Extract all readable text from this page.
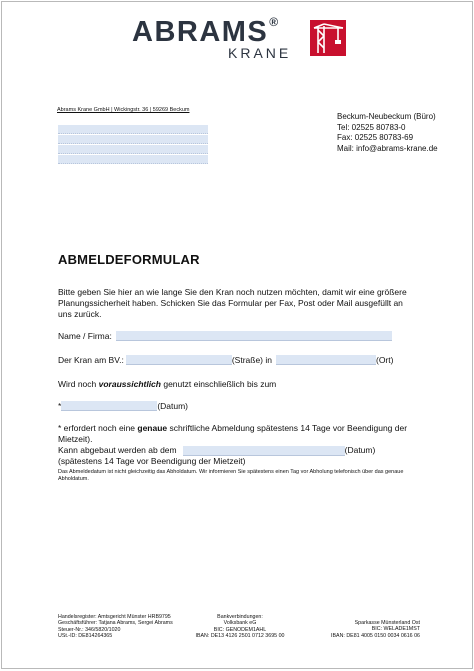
ABRAMS®
KRANE
Abrams Krane GmbH | Wickingstr. 36 | 59269 Beckum
Beckum-Neubeckum (Büro)
Tel: 02525 80783-0
Fax: 02525 80783-69
Mail: info@abrams-krane.de
ABMELDEFORMULAR
Bitte geben Sie hier an wie lange Sie den Kran noch nutzen möchten, damit wir eine größere Planungssicherheit haben. Schicken Sie das Formular per Fax, Post oder Mail ausgefüllt an uns zurück.
Name / Firma:
Der Kran am BV.:	(Straße) in	(Ort)
Wird noch voraussichtlich genutzt einschließlich bis zum
*	(Datum)
* erfordert noch eine genaue schriftliche Abmeldung spätestens 14 Tage vor Beendigung der Mietzeit).
Kann abgebaut werden ab dem	(Datum)
(spätestens 14 Tage vor Beendigung der Mietzeit)
Das Abmeldedatum ist nicht gleichzeitig das Abholdatum. Wir informieren Sie spätestens einen Tag vor Abholung telefonisch über das genaue Abholdatum.
Handelsregister: Amtsgericht Münster HRB9795
Geschäftsführer: Tatjana Abrams, Sergei Abrams
Steuer-Nr.: 346/5820/1020
USt.-ID: DE814264365
Bankverbindungen:
Volksbank eG
BIC: GENODEM1AHL
IBAN: DE13 4126 2501 0712 3695 00
Sparkasse Münsterland Ost
BIC: WELADE1MST
IBAN: DE81 4005 0150 0034 0616 06
